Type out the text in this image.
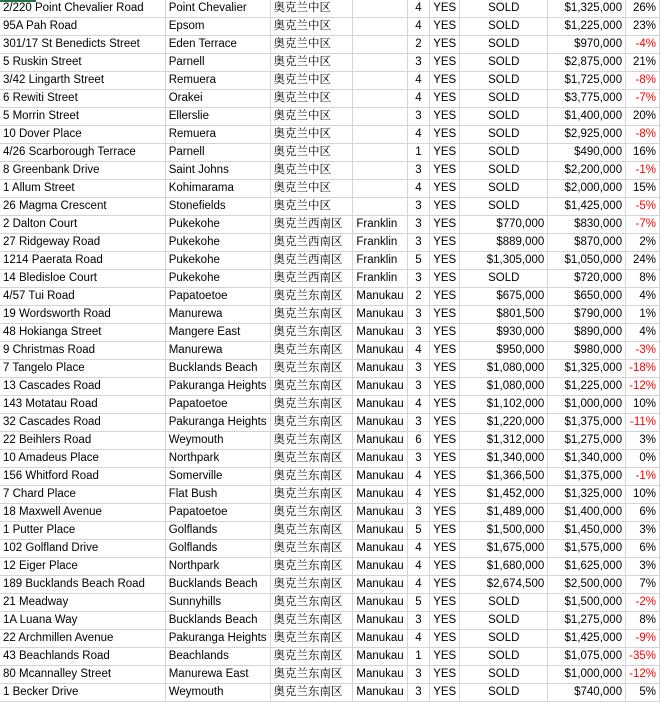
2/220 Point Chevalier Road	Point Chevalier	奥克兰中区		4	YES	SOLD	$1,325,000	26%
95A Pah Road	Epsom	奥克兰中区		4	YES	SOLD	$1,225,000	23%
301/17 St Benedicts Street	Eden Terrace	奥克兰中区		2	YES	SOLD	$970,000	-4%
5 Ruskin Street	Parnell	奥克兰中区		3	YES	SOLD	$2,875,000	21%
3/42 Lingarth Street	Remuera	奥克兰中区		4	YES	SOLD	$1,725,000	-8%
6 Rewiti Street	Orakei	奥克兰中区		4	YES	SOLD	$3,775,000	-7%
5 Morrin Street	Ellerslie	奥克兰中区		3	YES	SOLD	$1,400,000	20%
10 Dover Place	Remuera	奥克兰中区		4	YES	SOLD	$2,925,000	-8%
4/26 Scarborough Terrace	Parnell	奥克兰中区		1	YES	SOLD	$490,000	16%
8 Greenbank Drive	Saint Johns	奥克兰中区		3	YES	SOLD	$2,200,000	-1%
1 Allum Street	Kohimarama	奥克兰中区		4	YES	SOLD	$2,000,000	15%
26 Magma Crescent	Stonefields	奥克兰中区		3	YES	SOLD	$1,425,000	-5%
2 Dalton Court	Pukekohe	奥克兰西南区	Franklin	3	YES	$770,000	$830,000	-7%
27 Ridgeway Road	Pukekohe	奥克兰西南区	Franklin	3	YES	$889,000	$870,000	2%
1214 Paerata Road	Pukekohe	奥克兰西南区	Franklin	5	YES	$1,305,000	$1,050,000	24%
14 Bledisloe Court	Pukekohe	奥克兰西南区	Franklin	3	YES	SOLD	$720,000	8%
4/57 Tui Road	Papatoetoe	奥克兰东南区	Manukau	2	YES	$675,000	$650,000	4%
19 Wordsworth Road	Manurewa	奥克兰东南区	Manukau	3	YES	$801,500	$790,000	1%
48 Hokianga Street	Mangere East	奥克兰东南区	Manukau	3	YES	$930,000	$890,000	4%
9 Christmas Road	Manurewa	奥克兰东南区	Manukau	4	YES	$950,000	$980,000	-3%
7 Tangelo Place	Bucklands Beach	奥克兰东南区	Manukau	3	YES	$1,080,000	$1,325,000	-18%
13 Cascades Road	Pakuranga Heights	奥克兰东南区	Manukau	3	YES	$1,080,000	$1,225,000	-12%
143 Motatau Road	Papatoetoe	奥克兰东南区	Manukau	4	YES	$1,102,000	$1,000,000	10%
32 Cascades Road	Pakuranga Heights	奥克兰东南区	Manukau	3	YES	$1,220,000	$1,375,000	-11%
22 Beihlers Road	Weymouth	奥克兰东南区	Manukau	6	YES	$1,312,000	$1,275,000	3%
10 Amadeus Place	Northpark	奥克兰东南区	Manukau	3	YES	$1,340,000	$1,340,000	0%
156 Whitford Road	Somerville	奥克兰东南区	Manukau	4	YES	$1,366,500	$1,375,000	-1%
7 Chard Place	Flat Bush	奥克兰东南区	Manukau	4	YES	$1,452,000	$1,325,000	10%
18 Maxwell Avenue	Papatoetoe	奥克兰东南区	Manukau	3	YES	$1,489,000	$1,400,000	6%
1 Putter Place	Golflands	奥克兰东南区	Manukau	5	YES	$1,500,000	$1,450,000	3%
102 Golfland Drive	Golflands	奥克兰东南区	Manukau	4	YES	$1,675,000	$1,575,000	6%
12 Eiger Place	Northpark	奥克兰东南区	Manukau	4	YES	$1,680,000	$1,625,000	3%
189 Bucklands Beach Road	Bucklands Beach	奥克兰东南区	Manukau	4	YES	$2,674,500	$2,500,000	7%
21 Meadway	Sunnyhills	奥克兰东南区	Manukau	5	YES	SOLD	$1,500,000	-2%
1A Luana Way	Bucklands Beach	奥克兰东南区	Manukau	3	YES	SOLD	$1,275,000	8%
22 Archmillen Avenue	Pakuranga Heights	奥克兰东南区	Manukau	4	YES	SOLD	$1,425,000	-9%
43 Beachlands Road	Beachlands	奥克兰东南区	Manukau	1	YES	SOLD	$1,075,000	-35%
80 Mcannalley Street	Manurewa East	奥克兰东南区	Manukau	3	YES	SOLD	$1,000,000	-12%
1 Becker Drive	Weymouth	奥克兰东南区	Manukau	3	YES	SOLD	$740,000	5%
